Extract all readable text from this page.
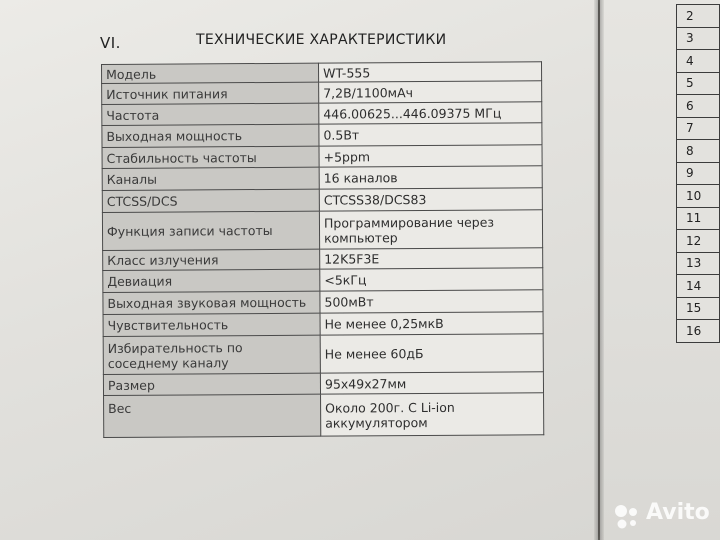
VI.	ТЕХНИЧЕСКИЕ ХАРАКТЕРИСТИКИ
Модель	WT-555
Источник питания	7,2В/1100мАч
Частота	446.00625...446.09375 МГц
Выходная мощность	0.5Вт
Стабильность частоты	+5ppm
Каналы	16 каналов
CTCSS/DCS	CTCSS38/DCS83
Функция записи частоты	Программирование через компьютер
Класс излучения	12K5F3E
Девиация	<5кГц
Выходная звуковая мощность	500мВт
Чувствительность	Не менее 0,25мкВ
Избирательность по соседнему каналу	Не менее 60дБ
Размер	95х49х27мм
Вес	Около 200г. С Li-ion аккумулятором
2
3
4
5
6
7
8
9
10
11
12
13
14
15
16
Avito
